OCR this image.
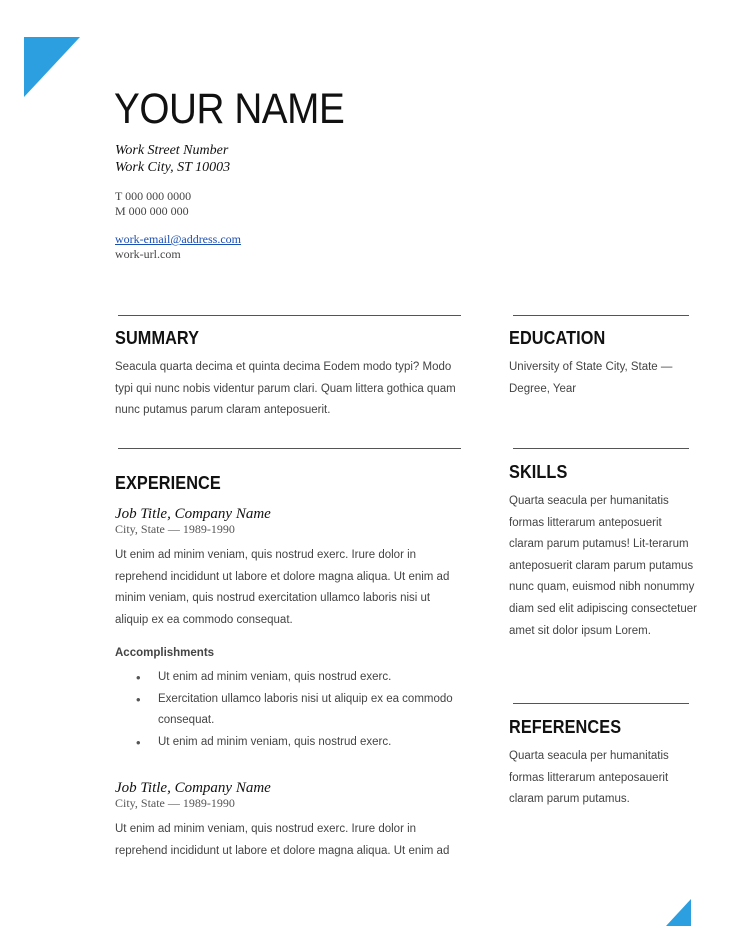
YOUR NAME
Work Street Number
Work City, ST 10003
T 000 000 0000
M 000 000 000
work-email@address.com
work-url.com
SUMMARY
Seacula quarta decima et quinta decima Eodem modo typi? Modo typi qui nunc nobis videntur parum clari. Quam littera gothica quam nunc putamus parum claram anteposuerit.
EXPERIENCE
Job Title, Company Name
City, State — 1989-1990
Ut enim ad minim veniam, quis nostrud exerc. Irure dolor in reprehend incididunt ut labore et dolore magna aliqua. Ut enim ad minim veniam, quis nostrud exercitation ullamco laboris nisi ut aliquip ex ea commodo consequat.
Accomplishments
• Ut enim ad minim veniam, quis nostrud exerc.
• Exercitation ullamco laboris nisi ut aliquip ex ea commodo consequat.
• Ut enim ad minim veniam, quis nostrud exerc.
Job Title, Company Name
City, State — 1989-1990
Ut enim ad minim veniam, quis nostrud exerc. Irure dolor in reprehend incididunt ut labore et dolore magna aliqua. Ut enim ad
EDUCATION
University of State City, State — Degree, Year
SKILLS
Quarta seacula per humanitatis formas litterarum anteposuerit claram parum putamus! Lit-terarum anteposuerit claram parum putamus nunc quam, euismod nibh nonummy diam sed elit adipiscing consectetuer amet sit dolor ipsum Lorem.
REFERENCES
Quarta seacula per humanitatis formas litterarum anteposauerit claram parum putamus.
